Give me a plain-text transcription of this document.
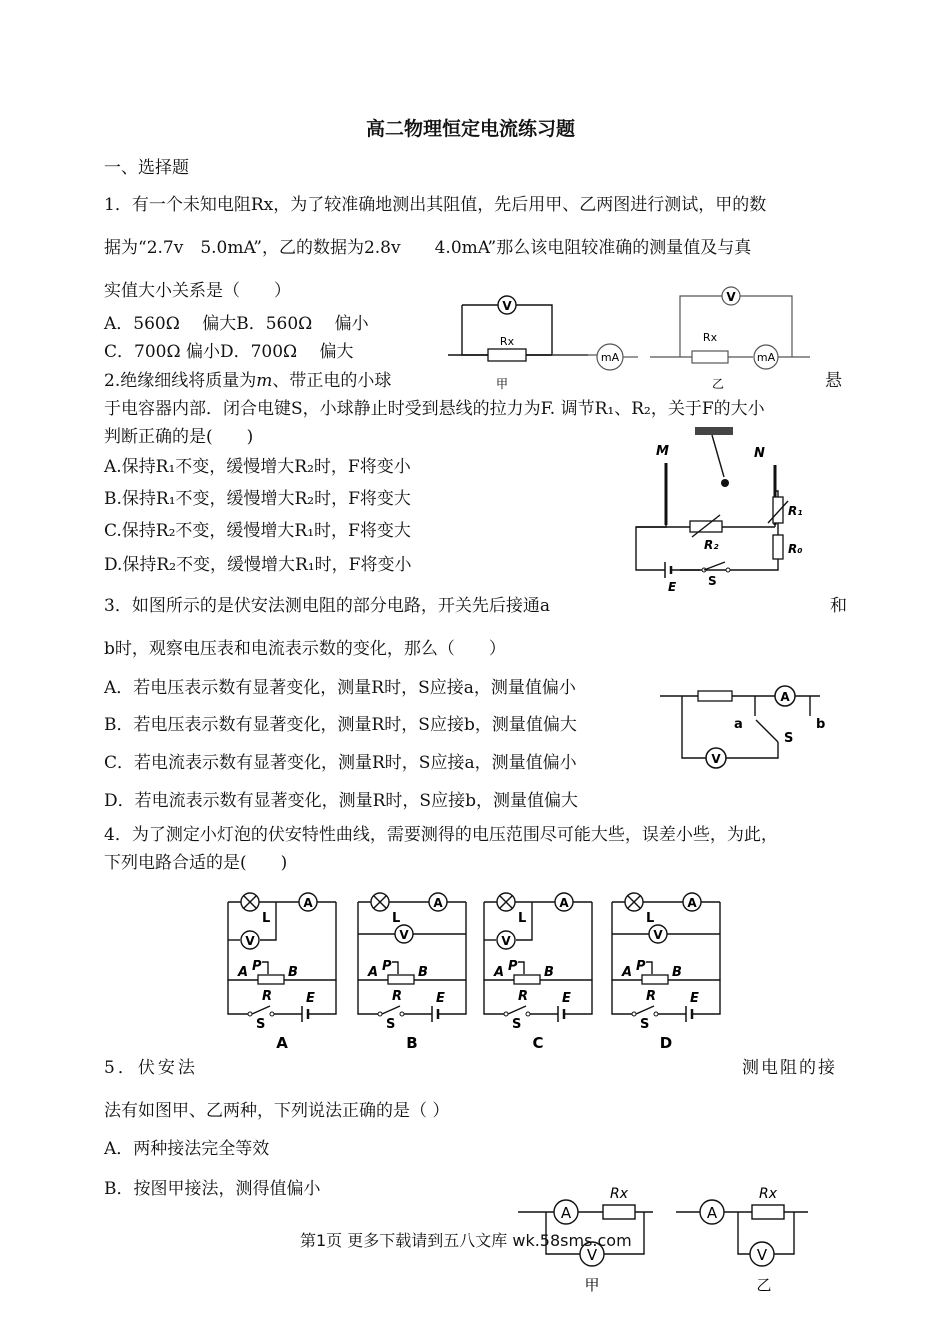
高二物理恒定电流练习题
一、选择题
1．有一个未知电阻Rx，为了较准确地测出其阻值，先后用甲、乙两图进行测试，甲的数
据为“2.7v　5.0mA”，乙的数据为2.8v　　4.0mA”那么该电阻较准确的测量值及与真
实值大小关系是（　　）
A．560Ω　 偏大B．560Ω　 偏小
C．700Ω 偏小D．700Ω　 偏大
V
Rx
mA
甲
V
Rx
mA
乙
2.绝缘细线将质量为m、带正电的小球	悬
于电容器内部．闭合电键S，小球静止时受到悬线的拉力为F. 调节R₁、R₂，关于F的大小
判断正确的是(　　)
A.保持R₁不变，缓慢增大R₂时，F将变小
B.保持R₁不变，缓慢增大R₂时，F将变大
C.保持R₂不变，缓慢增大R₁时，F将变大
D.保持R₂不变，缓慢增大R₁时，F将变小
M	N
R₂
R₁
R₀
E	S
3．如图所示的是伏安法测电阻的部分电路，开关先后接通a	和
b时，观察电压表和电流表示数的变化，那么（　　）
A．若电压表示数有显著变化，测量R时，S应接a，测量值偏小
B．若电压表示数有显著变化，测量R时，S应接b，测量值偏大
C．若电流表示数有显著变化，测量R时，S应接a，测量值偏小
D．若电流表示数有显著变化，测量R时，S应接b，测量值偏大
A
V
a	b
S
4．为了测定小灯泡的伏安特性曲线，需要测得的电压范围尽可能大些，误差小些，为此，
下列电路合适的是(　　)
L
A
V
A P B
R
S
E
A
L
A
V
A P B
R
S
E
B
L
A
V
A P B
R
S
E
C
L
A
V
A P B
R
S
E
D
5．伏安法	测电阻的接
法有如图甲、乙两种，下列说法正确的是（ ）
A．两种接法完全等效
B．按图甲接法，测得值偏小
A
Rx
V
甲
A
Rx
V
乙
第1页 更多下载请到五八文库 wk.58sms.com
